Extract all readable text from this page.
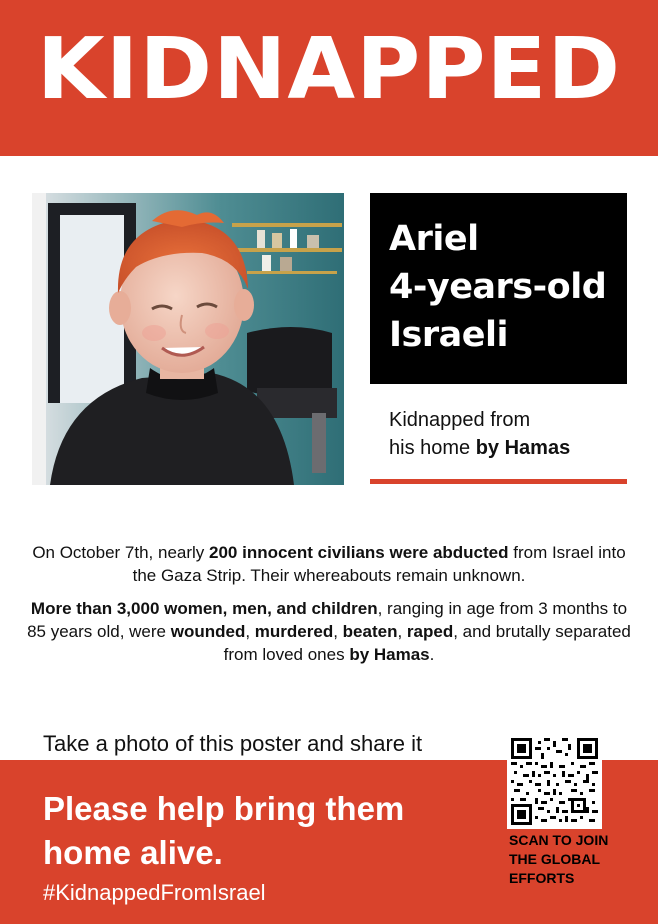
KIDNAPPED
Ariel
4-years-old
Israeli
Kidnapped from
his home by Hamas
On October 7th, nearly 200 innocent civilians were abducted from Israel into the Gaza Strip. Their whereabouts remain unknown.
More than 3,000 women, men, and children, ranging in age from 3 months to 85 years old, were wounded, murdered, beaten, raped, and brutally separated from loved ones by Hamas.
Take a photo of this poster and share it
Please help bring them home alive.
#KidnappedFromIsrael
SCAN TO JOIN THE GLOBAL EFFORTS
